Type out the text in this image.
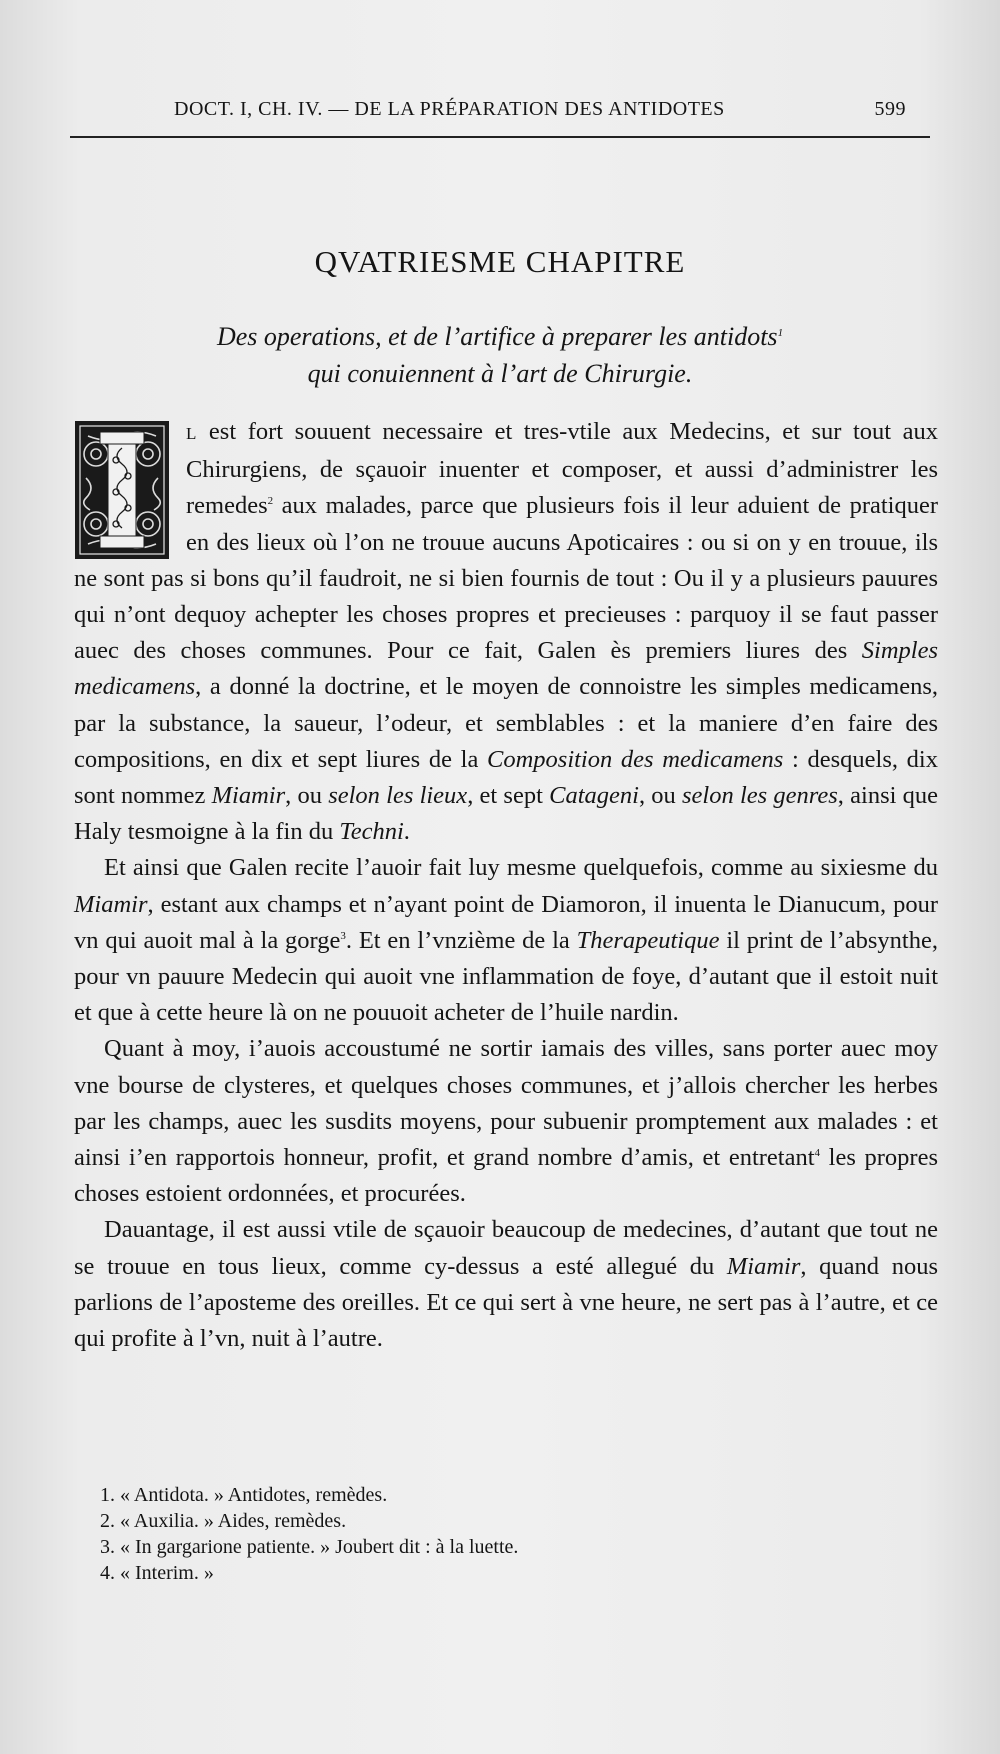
DOCT. I, CH. IV. — DE LA PRÉPARATION DES ANTIDOTES	599
QVATRIESME CHAPITRE
Des operations, et de l’artifice à preparer les antidots$^1$
qui conuiennent à l’art de Chirurgie.

L est fort souuent necessaire et tres-vtile aux Medecins, et sur tout aux Chirurgiens, de sçauoir inuenter et composer, et aussi d’administrer les remedes$^2$ aux malades, parce que plusieurs fois il leur aduient de pratiquer en des lieux où l’on ne trouue aucuns Apoticaires : ou si on y en trouue, ils ne sont pas si bons qu’il faudroit, ne si bien fournis de tout : Ou il y a plusieurs pauures qui n’ont dequoy achepter les choses propres et precieuses : parquoy il se faut passer auec des choses communes. Pour ce fait, Galen ès premiers liures des Simples medicamens, a donné la doctrine, et le moyen de connoistre les simples medicamens, par la substance, la saueur, l’odeur, et semblables : et la maniere d’en faire des compositions, en dix et sept liures de la Composition des medicamens : desquels, dix sont nommez Miamir, ou selon les lieux, et sept Catageni, ou selon les genres, ainsi que Haly tesmoigne à la fin du Techni.

Et ainsi que Galen recite l’auoir fait luy mesme quelquefois, comme au sixiesme du Miamir, estant aux champs et n’ayant point de Diamoron, il inuenta le Dianucum, pour vn qui auoit mal à la gorge$^3$. Et en l’vnzième de la Therapeutique il print de l’absynthe, pour vn pauure Medecin qui auoit vne inflammation de foye, d’autant que il estoit nuit et que à cette heure là on ne pouuoit acheter de l’huile nardin.

Quant à moy, i’auois accoustumé ne sortir iamais des villes, sans porter auec moy vne bourse de clysteres, et quelques choses communes, et j’allois chercher les herbes par les champs, auec les susdits moyens, pour subuenir promptement aux malades : et ainsi i’en rapportois honneur, profit, et grand nombre d’amis, et entretant$^4$ les propres choses estoient ordonnées, et procurées.

Dauantage, il est aussi vtile de sçauoir beaucoup de medecines, d’autant que tout ne se trouue en tous lieux, comme cy-dessus a esté allegué du Miamir, quand nous parlions de l’aposteme des oreilles. Et ce qui sert à vne heure, ne sert pas à l’autre, et ce qui profite à l’vn, nuit à l’autre.

1. « Antidota. » Antidotes, remèdes.
2. « Auxilia. » Aides, remèdes.
3. « In gargarione patiente. » Joubert dit : à la luette.
4. « Interim. »
